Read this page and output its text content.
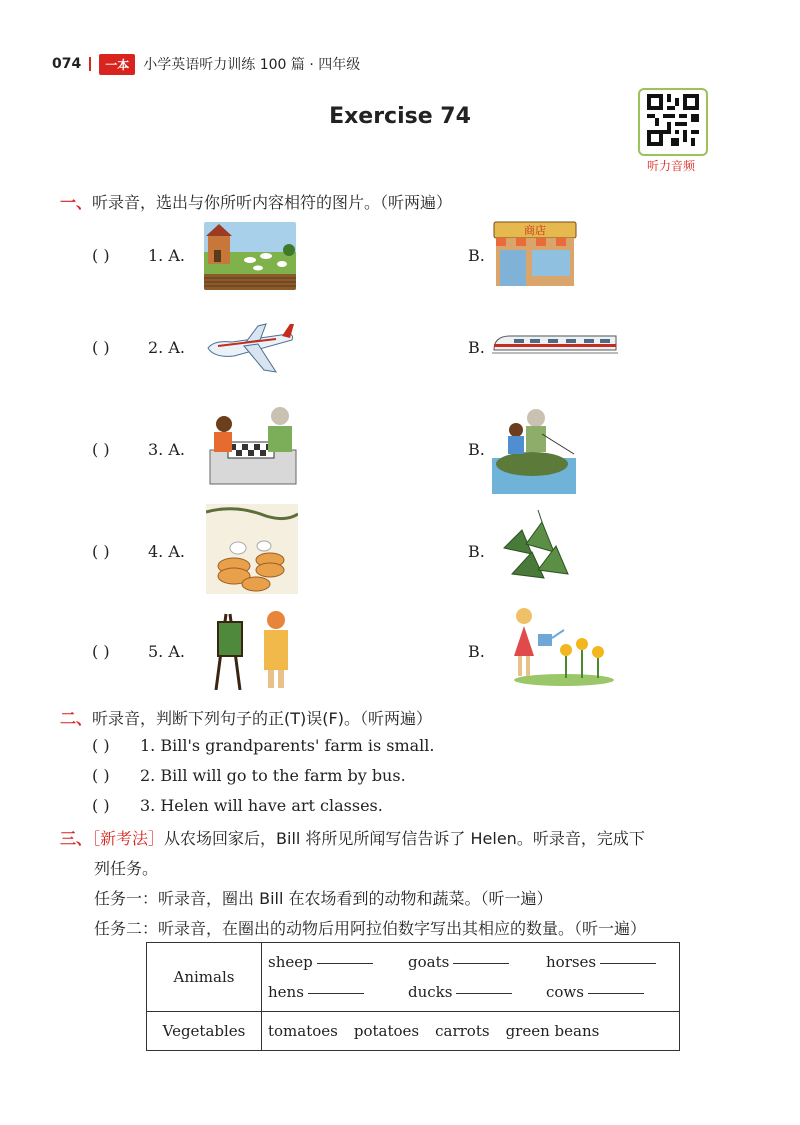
074	一本	小学英语听力训练 100 篇 · 四年级
Exercise 74
听力音频
一、听录音，选出与你所听内容相符的图片。（听两遍）
( ) 1. A.	B.
( ) 2. A.	B.
( ) 3. A.	B.
( ) 4. A.	B.
( ) 5. A.	B.
商店
二、听录音，判断下列句子的正(T)误(F)。（听两遍）
( ) 1. Bill's grandparents' farm is small.
( ) 2. Bill will go to the farm by bus.
( ) 3. Helen will have art classes.
三、［新考法］从农场回家后，Bill 将所见所闻写信告诉了 Helen。听录音，完成下
列任务。
任务一：听录音，圈出 Bill 在农场看到的动物和蔬菜。（听一遍）
任务二：听录音，在圈出的动物后用阿拉伯数字写出其相应的数量。（听一遍）
Animals	sheep goats horses
	hens ducks cows
Vegetables	tomatoes potatoes carrots green beans
